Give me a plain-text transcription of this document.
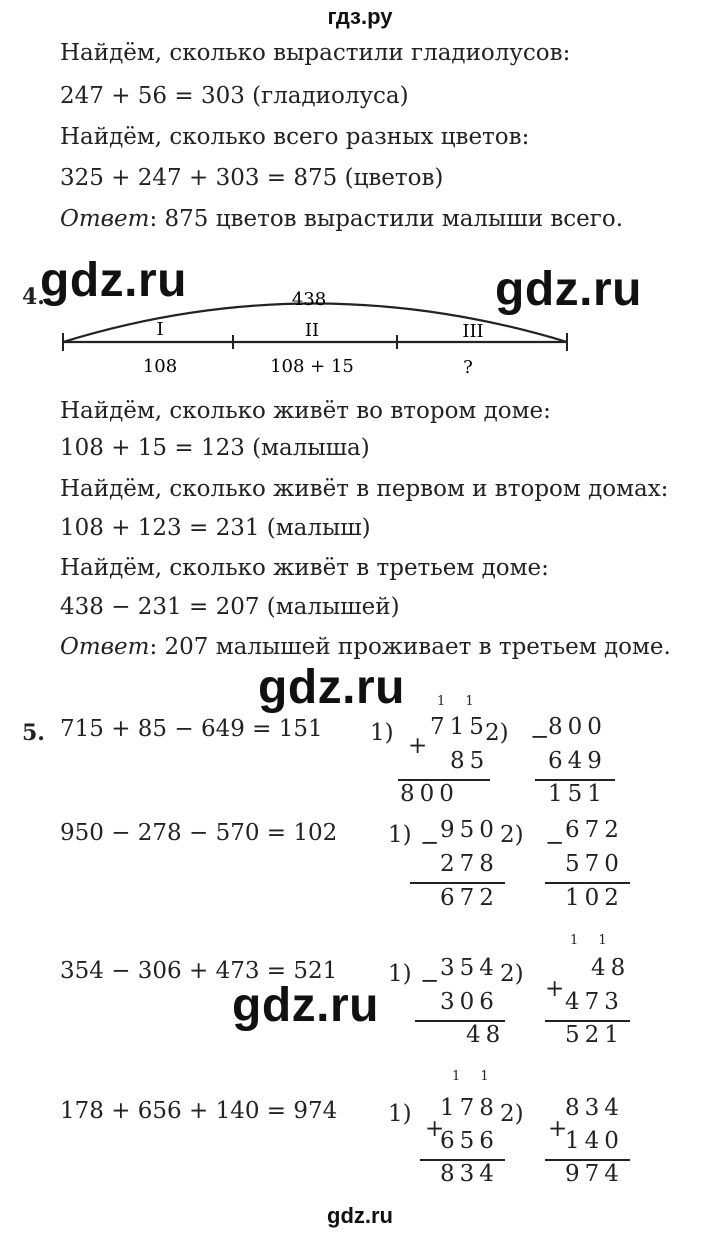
гдз.ру
Найдём, сколько вырастили гладиолусов:
247 + 56 = 303 (гладиолуса)
Найдём, сколько всего разных цветов:
325 + 247 + 303 = 875 (цветов)
Ответ: 875 цветов вырастили малыши всего.
4.
gdz.ru	gdz.ru
438
I	II	III
108	108 + 15	?
Найдём, сколько живёт во втором доме:
108 + 15 = 123 (малыша)
Найдём, сколько живёт в первом и втором домах:
108 + 123 = 231 (малыш)
Найдём, сколько живёт в третьем доме:
438 − 231 = 207 (малышей)
Ответ: 207 малышей проживает в третьем доме.
gdz.ru
5. 715 + 85 − 649 = 151 1)
1 1
+
715
85
800
2) −
800
649
151
950 − 278 − 570 = 102 1) − 950
278
672
2) − 672
570
102
354 − 306 + 473 = 521 1) − 354
306
48
2)
1 1
+
48
473
521
gdz.ru
178 + 656 + 140 = 974 1)
1 1
+
178
656
834
2)
+
834
140
974
gdz.ru
